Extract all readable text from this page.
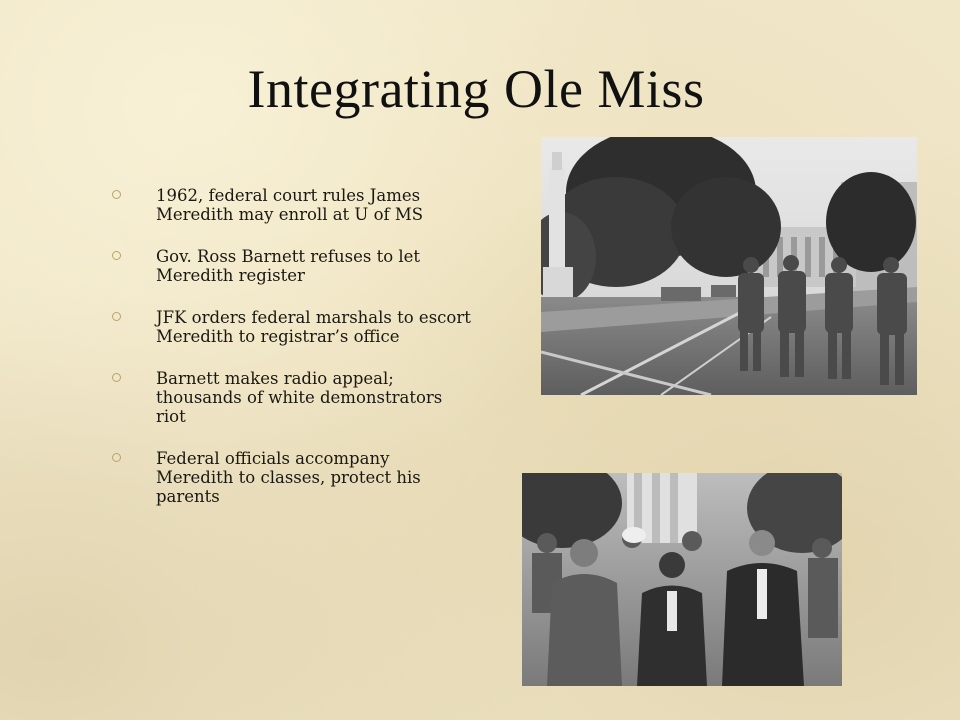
Integrating Ole Miss
1962, federal court rules James Meredith may enroll at U of MS
Gov. Ross Barnett refuses to let Meredith register
JFK orders federal marshals to escort Meredith to registrar’s office
Barnett makes radio appeal; thousands of white demonstrators riot
Federal officials accompany Meredith to classes, protect his parents
